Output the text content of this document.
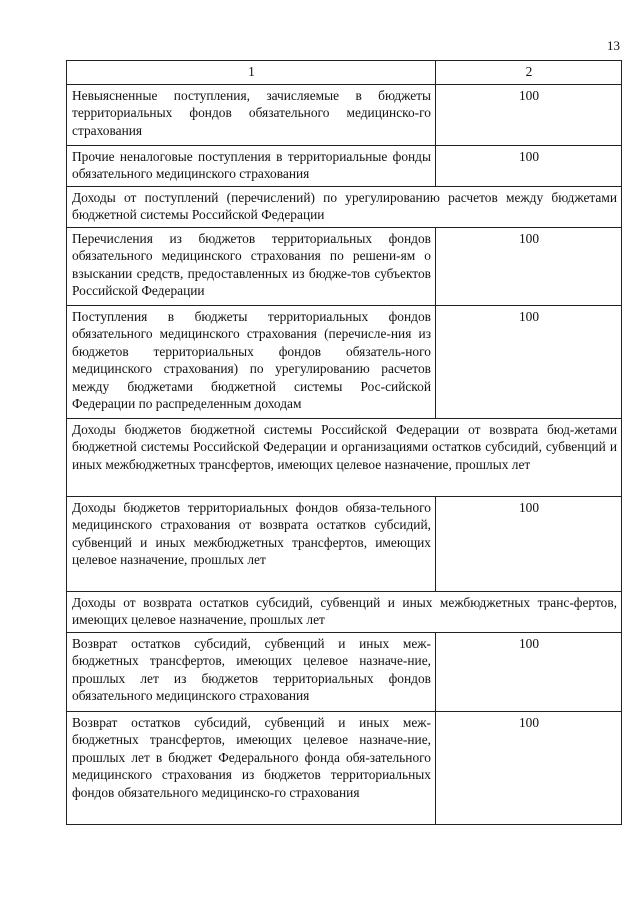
13
1	2
Невыясненные поступления, зачисляемые в бюджеты территориальных фондов обязательного медицинско-го страхования	100
Прочие неналоговые поступления в территориальные фонды обязательного медицинского страхования	100
Доходы от поступлений (перечислений) по урегулированию расчетов между бюджетами бюджетной системы Российской Федерации	
Перечисления из бюджетов территориальных фондов обязательного медицинского страхования по решени-ям о взыскании средств, предоставленных из бюдже-тов субъектов Российской Федерации	100
Поступления в бюджеты территориальных фондов обязательного медицинского страхования (перечисле-ния из бюджетов территориальных фондов обязатель-ного медицинского страхования) по урегулированию расчетов между бюджетами бюджетной системы Рос-сийской Федерации по распределенным доходам	100
Доходы бюджетов бюджетной системы Российской Федерации от возврата бюд-жетами бюджетной системы Российской Федерации и организациями остатков субсидий, субвенций и иных межбюджетных трансфертов, имеющих целевое назначение, прошлых лет	
Доходы бюджетов территориальных фондов обяза-тельного медицинского страхования от возврата остатков субсидий, субвенций и иных межбюджетных трансфертов, имеющих целевое назначение, прошлых лет	100
Доходы от возврата остатков субсидий, субвенций и иных межбюджетных транс-фертов, имеющих целевое назначение, прошлых лет	
Возврат остатков субсидий, субвенций и иных меж-бюджетных трансфертов, имеющих целевое назначе-ние, прошлых лет из бюджетов территориальных фондов обязательного медицинского страхования	100
Возврат остатков субсидий, субвенций и иных меж-бюджетных трансфертов, имеющих целевое назначе-ние, прошлых лет в бюджет Федерального фонда обя-зательного медицинского страхования из бюджетов территориальных фондов обязательного медицинско-го страхования	100
